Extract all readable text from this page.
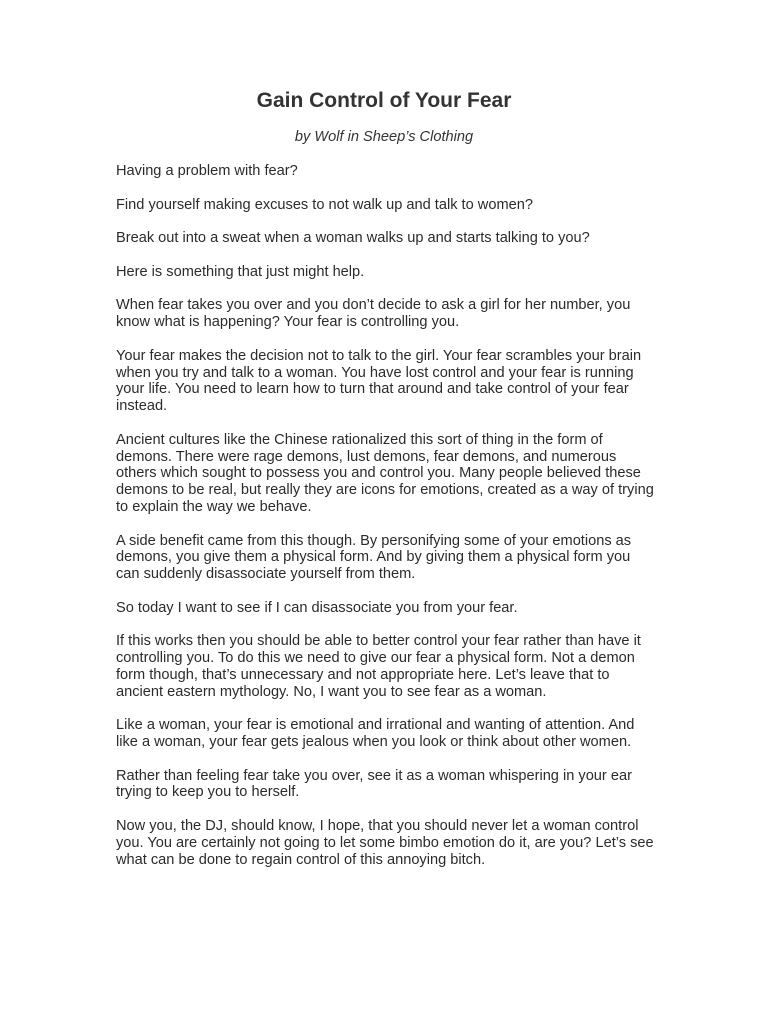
Gain Control of Your Fear

by Wolf in Sheep’s Clothing

Having a problem with fear?

Find yourself making excuses to not walk up and talk to women?

Break out into a sweat when a woman walks up and starts talking to you?

Here is something that just might help.

When fear takes you over and you don’t decide to ask a girl for her number, you know what is happening? Your fear is controlling you.

Your fear makes the decision not to talk to the girl. Your fear scrambles your brain when you try and talk to a woman. You have lost control and your fear is running your life. You need to learn how to turn that around and take control of your fear instead.

Ancient cultures like the Chinese rationalized this sort of thing in the form of demons. There were rage demons, lust demons, fear demons, and numerous others which sought to possess you and control you. Many people believed these demons to be real, but really they are icons for emotions, created as a way of trying to explain the way we behave.

A side benefit came from this though. By personifying some of your emotions as demons, you give them a physical form. And by giving them a physical form you can suddenly disassociate yourself from them.

So today I want to see if I can disassociate you from your fear.

If this works then you should be able to better control your fear rather than have it controlling you. To do this we need to give our fear a physical form. Not a demon form though, that’s unnecessary and not appropriate here. Let’s leave that to ancient eastern mythology. No, I want you to see fear as a woman.

Like a woman, your fear is emotional and irrational and wanting of attention. And like a woman, your fear gets jealous when you look or think about other women.

Rather than feeling fear take you over, see it as a woman whispering in your ear trying to keep you to herself.

Now you, the DJ, should know, I hope, that you should never let a woman control you. You are certainly not going to let some bimbo emotion do it, are you? Let’s see what can be done to regain control of this annoying bitch.
